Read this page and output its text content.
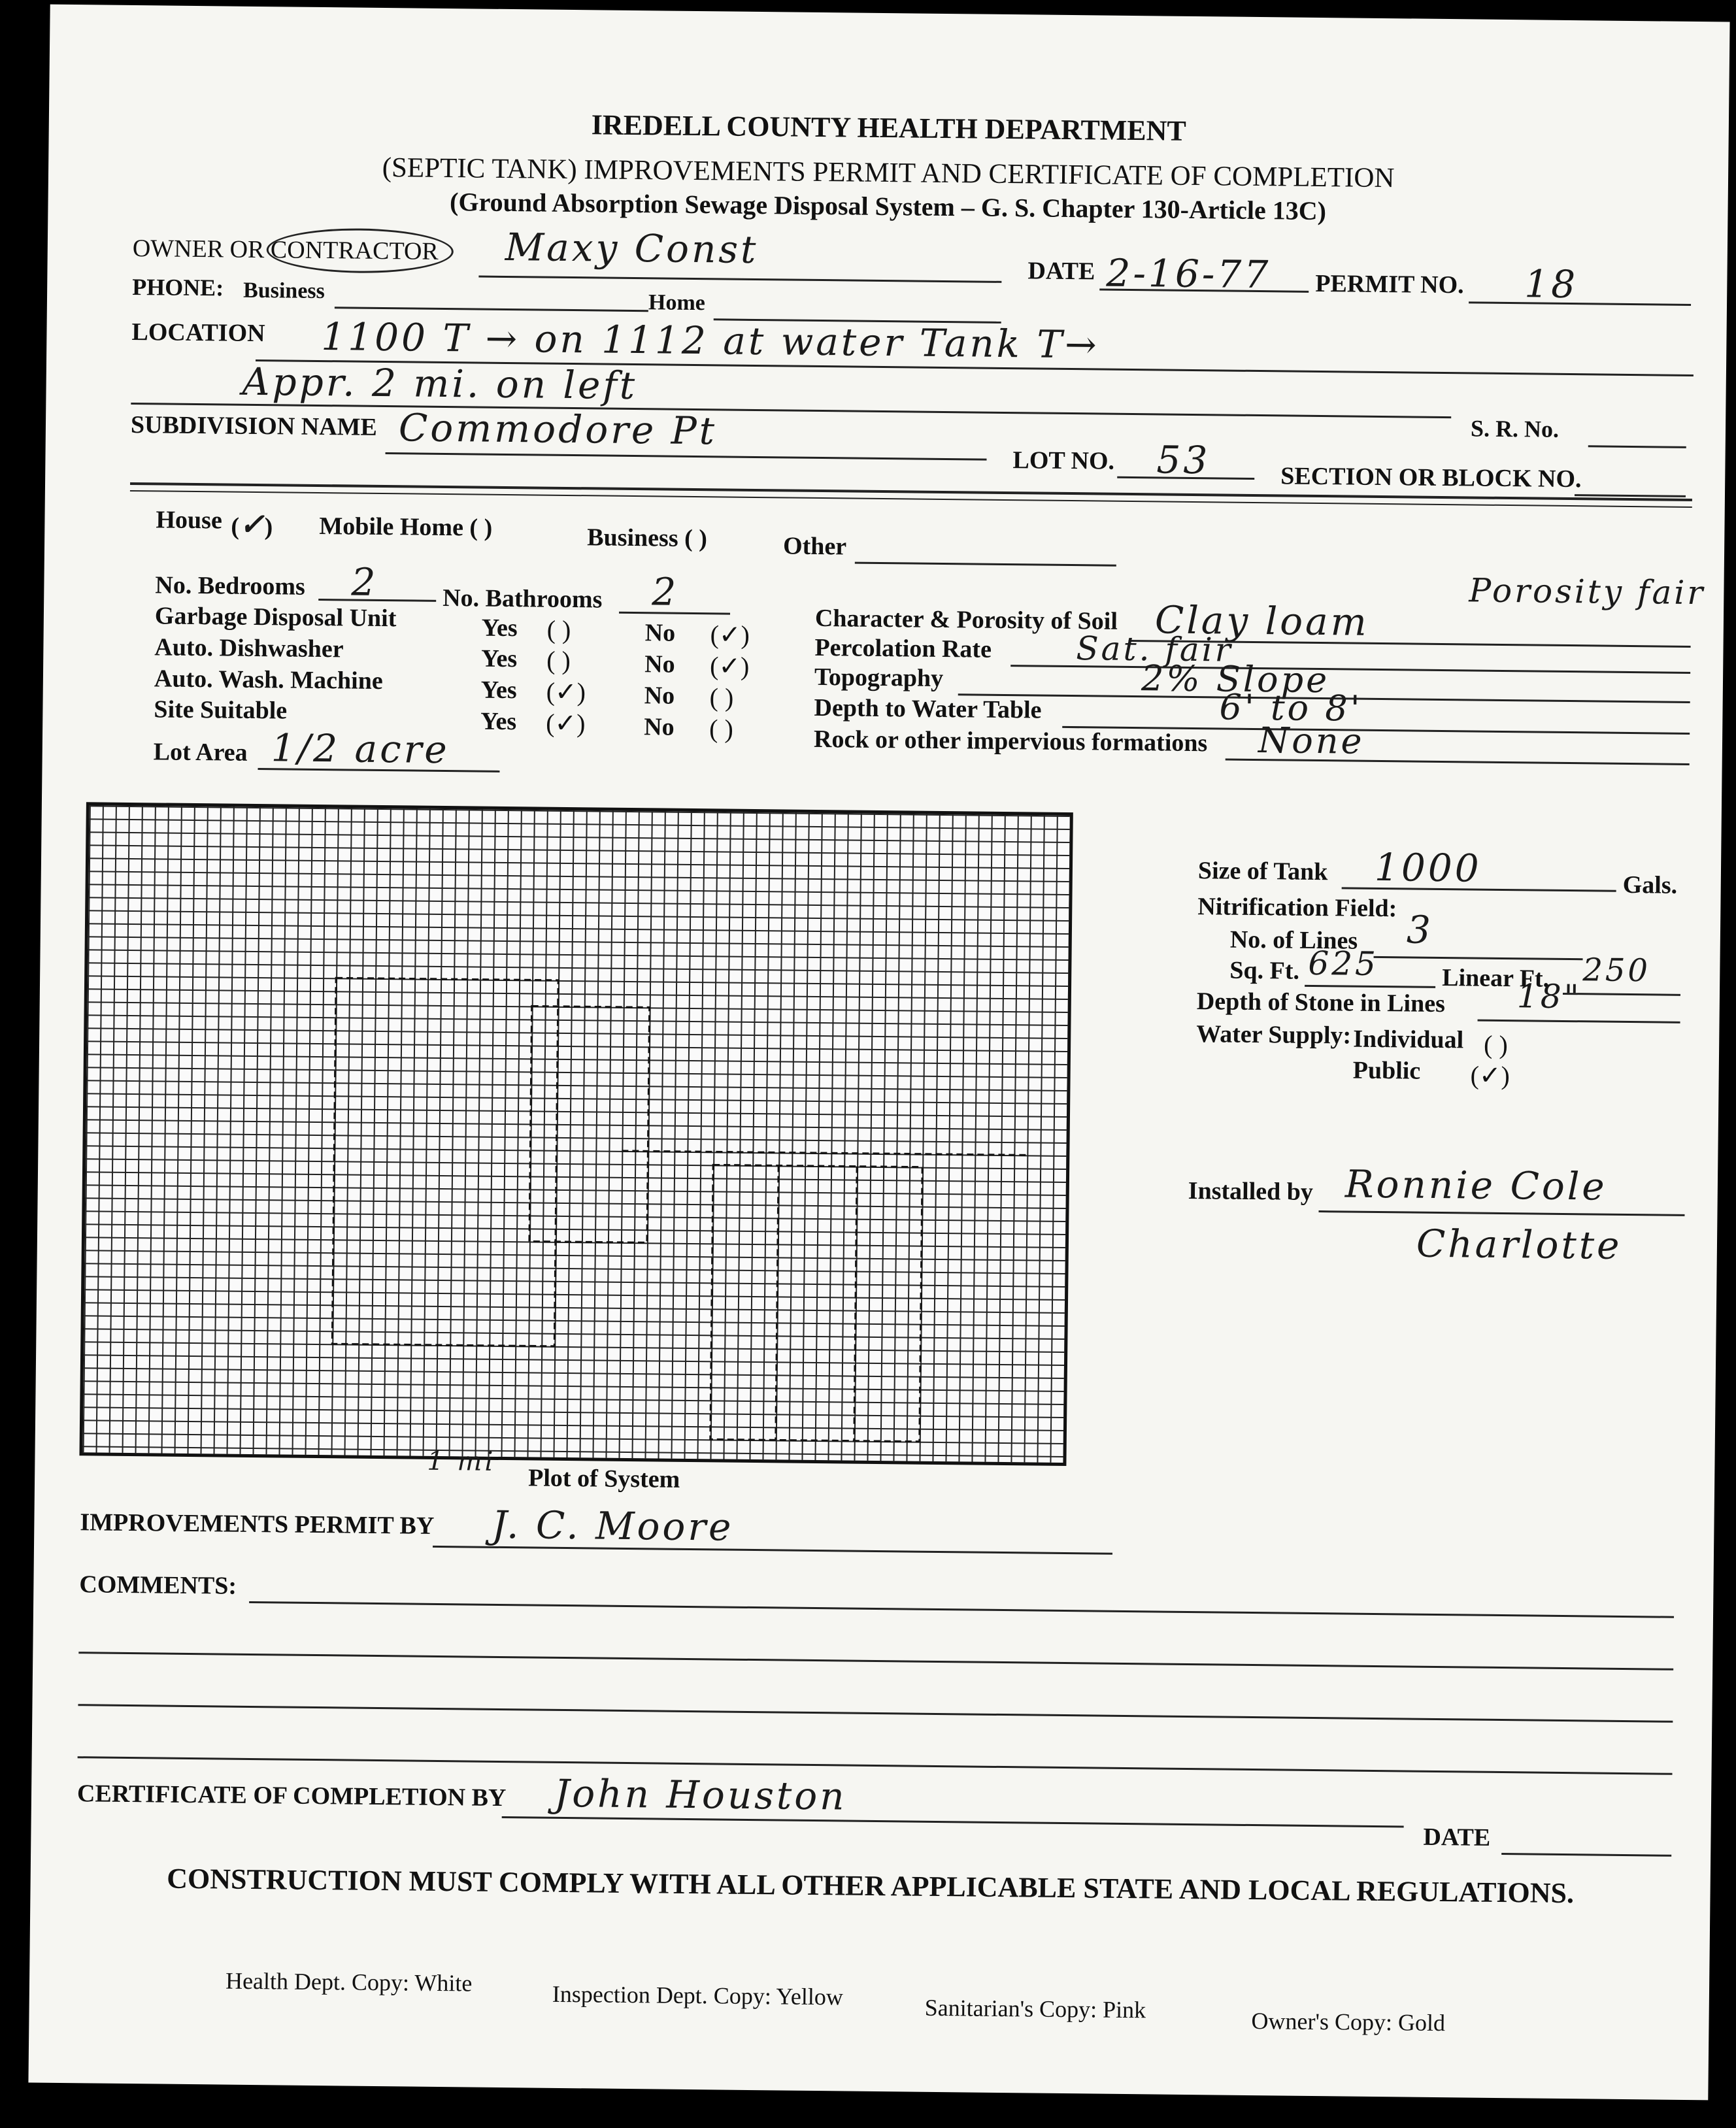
IREDELL COUNTY HEALTH DEPARTMENT
(SEPTIC TANK) IMPROVEMENTS PERMIT AND CERTIFICATE OF COMPLETION
(Ground Absorption Sewage Disposal System – G. S. Chapter 130-Article 13C)
OWNER OR CONTRACTOR Maxy Const	DATE 2-16-77 PERMIT NO. 18
PHONE: Business	Home
LOCATION 1100 T → on 1112 at water Tank T→
Appr. 2 mi. on left
S. R. No.
SUBDIVISION NAME Commodore Pt
LOT NO. 53	SECTION OR BLOCK NO.
House (✓) Mobile Home ( )	Business ( )	Other
No. Bedrooms 2	No. Bathrooms 2
Garbage Disposal Unit	Yes ( )	No (✓)
Auto. Dishwasher	Yes ( )	No (✓)
Auto. Wash. Machine	Yes (✓) No ( )
Site Suitable	Yes (✓) No ( )
Lot Area 1/2 acre
Porosity fair
Character & Porosity of Soil Clay loam
Percolation Rate	Sat. fair
Topography	2% Slope
Depth to Water Table	6' to 8'
Rock or other impervious formations None
1 mi
Plot of System
Size of Tank 1000	Gals.
Nitrification Field:
No. of Lines 3
Sq. Ft. 625	Linear Ft. 250
Depth of Stone in Lines 18"
Water Supply: Individual ( )
Public (✓)
Installed by Ronnie Cole
Charlotte
IMPROVEMENTS PERMIT BY J. C. Moore
COMMENTS:
CERTIFICATE OF COMPLETION BY John Houston
DATE
CONSTRUCTION MUST COMPLY WITH ALL OTHER APPLICABLE STATE AND LOCAL REGULATIONS.
Health Dept. Copy: White	Inspection Dept. Copy: Yellow	Sanitarian's Copy: Pink	Owner's Copy: Gold
